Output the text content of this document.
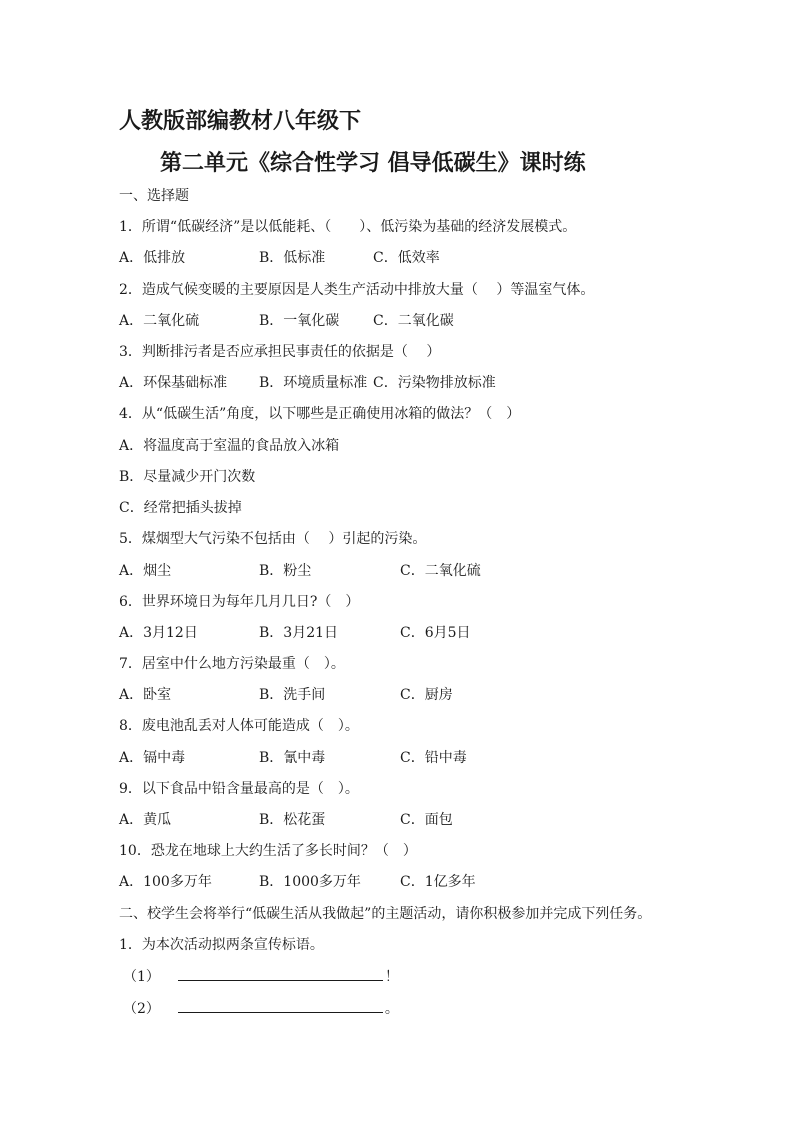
人教版部编教材八年级下
第二单元《综合性学习 倡导低碳生》课时练
一、选择题
1．所谓“低碳经济”是以低能耗、（　　）、低污染为基础的经济发展模式。
A．低排放	B．低标准	C．低效率
2．造成气候变暖的主要原因是人类生产活动中排放大量（　 ）等温室气体。
A．二氧化硫	B．一氧化碳 C．二氧化碳
3．判断排污者是否应承担民事责任的依据是（　 ）
A．环保基础标准 B．环境质量标准 C．污染物排放标准
4．从“低碳生活”角度，以下哪些是正确使用冰箱的做法？（　）
A．将温度高于室温的食品放入冰箱
B．尽量减少开门次数
C．经常把插头拔掉
5．煤烟型大气污染不包括由（　 ）引起的污染。
A．烟尘	B．粉尘	C．二氧化硫
6．世界环境日为每年几月几日?（　）
A．3月12日	B．3月21日	C．6月5日
7．居室中什么地方污染最重（　）。
A．卧室	B．洗手间	C．厨房
8．废电池乱丢对人体可能造成（　）。
A．镉中毒	B．氰中毒	C．铅中毒
9．以下食品中铅含量最高的是（　）。
A．黄瓜	B．松花蛋	C．面包
10．恐龙在地球上大约生活了多长时间？（　）
A．100多万年	B．1000多万年	C．1亿多年
二、校学生会将举行“低碳生活从我做起”的主题活动，请你积极参加并完成下列任务。
1．为本次活动拟两条宣传标语。
（1）	！
（2）	。
